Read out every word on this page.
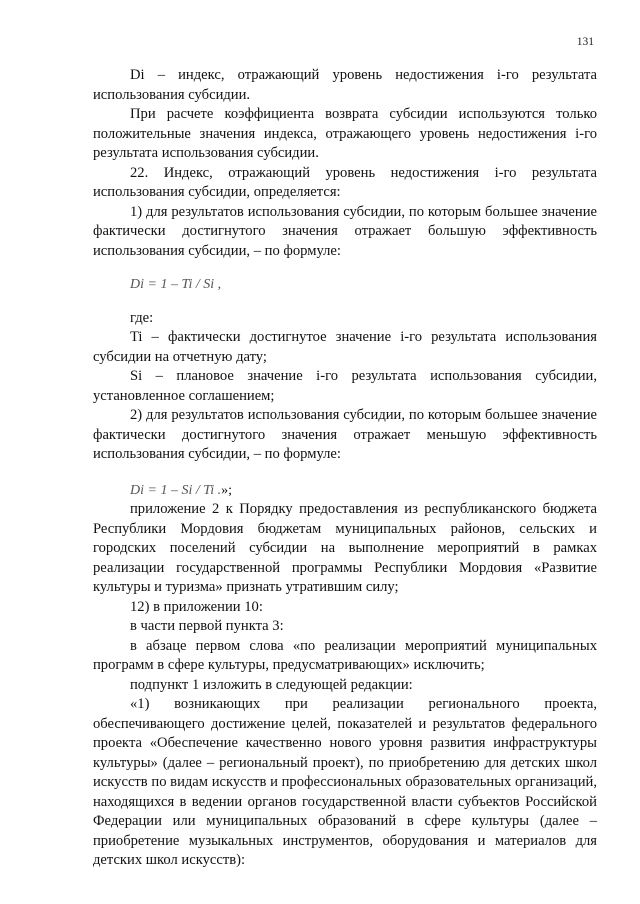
131

Di – индекс, отражающий уровень недостижения i-го результата использования субсидии.

При расчете коэффициента возврата субсидии используются только положительные значения индекса, отражающего уровень недостижения i-го результата использования субсидии.

22. Индекс, отражающий уровень недостижения i-го результата использования субсидии, определяется:

1) для результатов использования субсидии, по которым большее значение фактически достигнутого значения отражает большую эффективность использования субсидии, – по формуле:

Di = 1 – Ti / Si ,

где:

Ti – фактически достигнутое значение i-го результата использования субсидии на отчетную дату;

Si – плановое значение i-го результата использования субсидии, установленное соглашением;

2) для результатов использования субсидии, по которым большее значение фактически достигнутого значения отражает меньшую эффективность использования субсидии, – по формуле:

Di = 1 – Si / Ti .»;

приложение 2 к Порядку предоставления из республиканского бюджета Республики Мордовия бюджетам муниципальных районов, сельских и городских поселений субсидии на выполнение мероприятий в рамках реализации государственной программы Республики Мордовия «Развитие культуры и туризма» признать утратившим силу;

12) в приложении 10:

в части первой пункта 3:

в абзаце первом слова «по реализации мероприятий муниципальных программ в сфере культуры, предусматривающих» исключить;

подпункт 1 изложить в следующей редакции:

«1) возникающих при реализации регионального проекта, обеспечивающего достижение целей, показателей и результатов федерального проекта «Обеспечение качественно нового уровня развития инфраструктуры культуры» (далее – региональный проект), по приобретению для детских школ искусств по видам искусств и профессиональных образовательных организаций, находящихся в ведении органов государственной власти субъектов Российской Федерации или муниципальных образований в сфере культуры (далее – приобретение музыкальных инструментов, оборудования и материалов для детских школ искусств):
